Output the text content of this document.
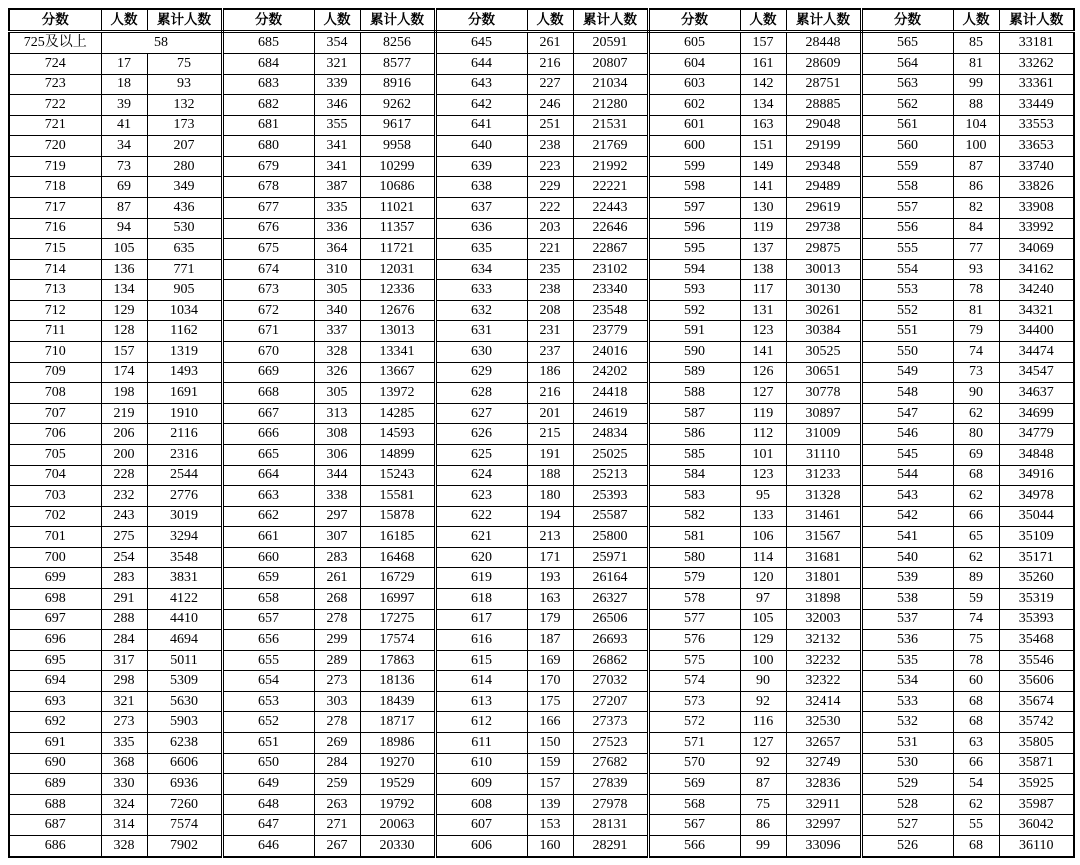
分数	人数	累计人数	分数	人数	累计人数	分数	人数	累计人数	分数	人数	累计人数	分数	人数	累计人数
725及以上	58		685	354	8256	645	261	20591	605	157	28448	565	85	33181
724	17	75	684	321	8577	644	216	20807	604	161	28609	564	81	33262
723	18	93	683	339	8916	643	227	21034	603	142	28751	563	99	33361
722	39	132	682	346	9262	642	246	21280	602	134	28885	562	88	33449
721	41	173	681	355	9617	641	251	21531	601	163	29048	561	104	33553
720	34	207	680	341	9958	640	238	21769	600	151	29199	560	100	33653
719	73	280	679	341	10299	639	223	21992	599	149	29348	559	87	33740
718	69	349	678	387	10686	638	229	22221	598	141	29489	558	86	33826
717	87	436	677	335	11021	637	222	22443	597	130	29619	557	82	33908
716	94	530	676	336	11357	636	203	22646	596	119	29738	556	84	33992
715	105	635	675	364	11721	635	221	22867	595	137	29875	555	77	34069
714	136	771	674	310	12031	634	235	23102	594	138	30013	554	93	34162
713	134	905	673	305	12336	633	238	23340	593	117	30130	553	78	34240
712	129	1034	672	340	12676	632	208	23548	592	131	30261	552	81	34321
711	128	1162	671	337	13013	631	231	23779	591	123	30384	551	79	34400
710	157	1319	670	328	13341	630	237	24016	590	141	30525	550	74	34474
709	174	1493	669	326	13667	629	186	24202	589	126	30651	549	73	34547
708	198	1691	668	305	13972	628	216	24418	588	127	30778	548	90	34637
707	219	1910	667	313	14285	627	201	24619	587	119	30897	547	62	34699
706	206	2116	666	308	14593	626	215	24834	586	112	31009	546	80	34779
705	200	2316	665	306	14899	625	191	25025	585	101	31110	545	69	34848
704	228	2544	664	344	15243	624	188	25213	584	123	31233	544	68	34916
703	232	2776	663	338	15581	623	180	25393	583	95	31328	543	62	34978
702	243	3019	662	297	15878	622	194	25587	582	133	31461	542	66	35044
701	275	3294	661	307	16185	621	213	25800	581	106	31567	541	65	35109
700	254	3548	660	283	16468	620	171	25971	580	114	31681	540	62	35171
699	283	3831	659	261	16729	619	193	26164	579	120	31801	539	89	35260
698	291	4122	658	268	16997	618	163	26327	578	97	31898	538	59	35319
697	288	4410	657	278	17275	617	179	26506	577	105	32003	537	74	35393
696	284	4694	656	299	17574	616	187	26693	576	129	32132	536	75	35468
695	317	5011	655	289	17863	615	169	26862	575	100	32232	535	78	35546
694	298	5309	654	273	18136	614	170	27032	574	90	32322	534	60	35606
693	321	5630	653	303	18439	613	175	27207	573	92	32414	533	68	35674
692	273	5903	652	278	18717	612	166	27373	572	116	32530	532	68	35742
691	335	6238	651	269	18986	611	150	27523	571	127	32657	531	63	35805
690	368	6606	650	284	19270	610	159	27682	570	92	32749	530	66	35871
689	330	6936	649	259	19529	609	157	27839	569	87	32836	529	54	35925
688	324	7260	648	263	19792	608	139	27978	568	75	32911	528	62	35987
687	314	7574	647	271	20063	607	153	28131	567	86	32997	527	55	36042
686	328	7902	646	267	20330	606	160	28291	566	99	33096	526	68	36110
